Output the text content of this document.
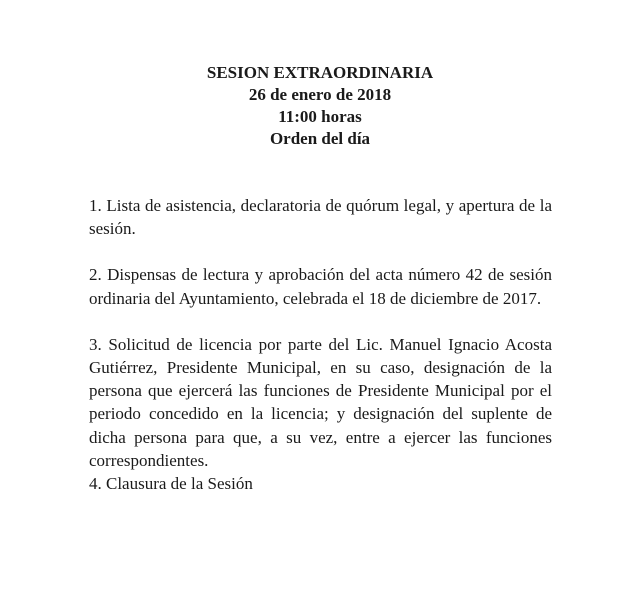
SESION EXTRAORDINARIA
26 de enero de 2018
11:00 horas
Orden del día

1. Lista de asistencia, declaratoria de quórum legal, y apertura de la sesión.

2. Dispensas de lectura y aprobación del acta número 42 de sesión ordinaria del Ayuntamiento, celebrada el 18 de diciembre de 2017.

3. Solicitud de licencia por parte del Lic. Manuel Ignacio Acosta Gutiérrez, Presidente Municipal, en su caso, designación de la persona que ejercerá las funciones de Presidente Municipal por el periodo concedido en la licencia; y designación del suplente de dicha persona para que, a su vez, entre a ejercer las funciones correspondientes.

4. Clausura de la Sesión
